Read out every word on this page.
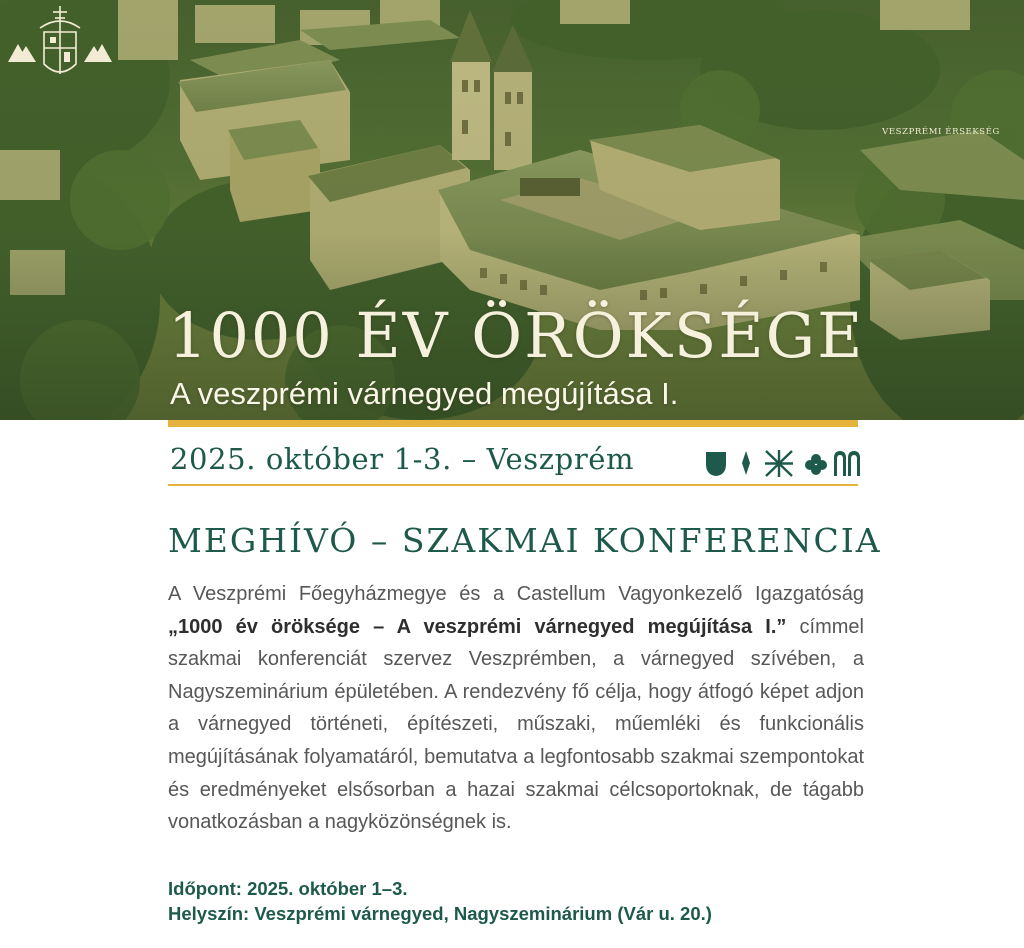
VESZPRÉMI ÉRSEKSÉG
1000 ÉV ÖRÖKSÉGE
A veszprémi várnegyed megújítása I.

2025. október 1-3. – Veszprém

MEGHÍVÓ – SZAKMAI KONFERENCIA

A Veszprémi Főegyházmegye és a Castellum Vagyonkezelő Igazgatóság „1000 év öröksége – A veszprémi várnegyed megújítása I.” címmel szakmai konferenciát szervez Veszprémben, a várnegyed szívében, a Nagyszeminárium épületében. A rendezvény fő célja, hogy átfogó képet adjon a várnegyed történeti, építészeti, műszaki, műemléki és funkcionális megújításának folyamatáról, bemutatva a legfontosabb szakmai szempontokat és eredményeket elsősorban a hazai szakmai célcsoportoknak, de tágabb vonatkozásban a nagyközönségnek is.

Időpont: 2025. október 1–3.

Helyszín: Veszprémi várnegyed, Nagyszeminárium (Vár u. 20.)
